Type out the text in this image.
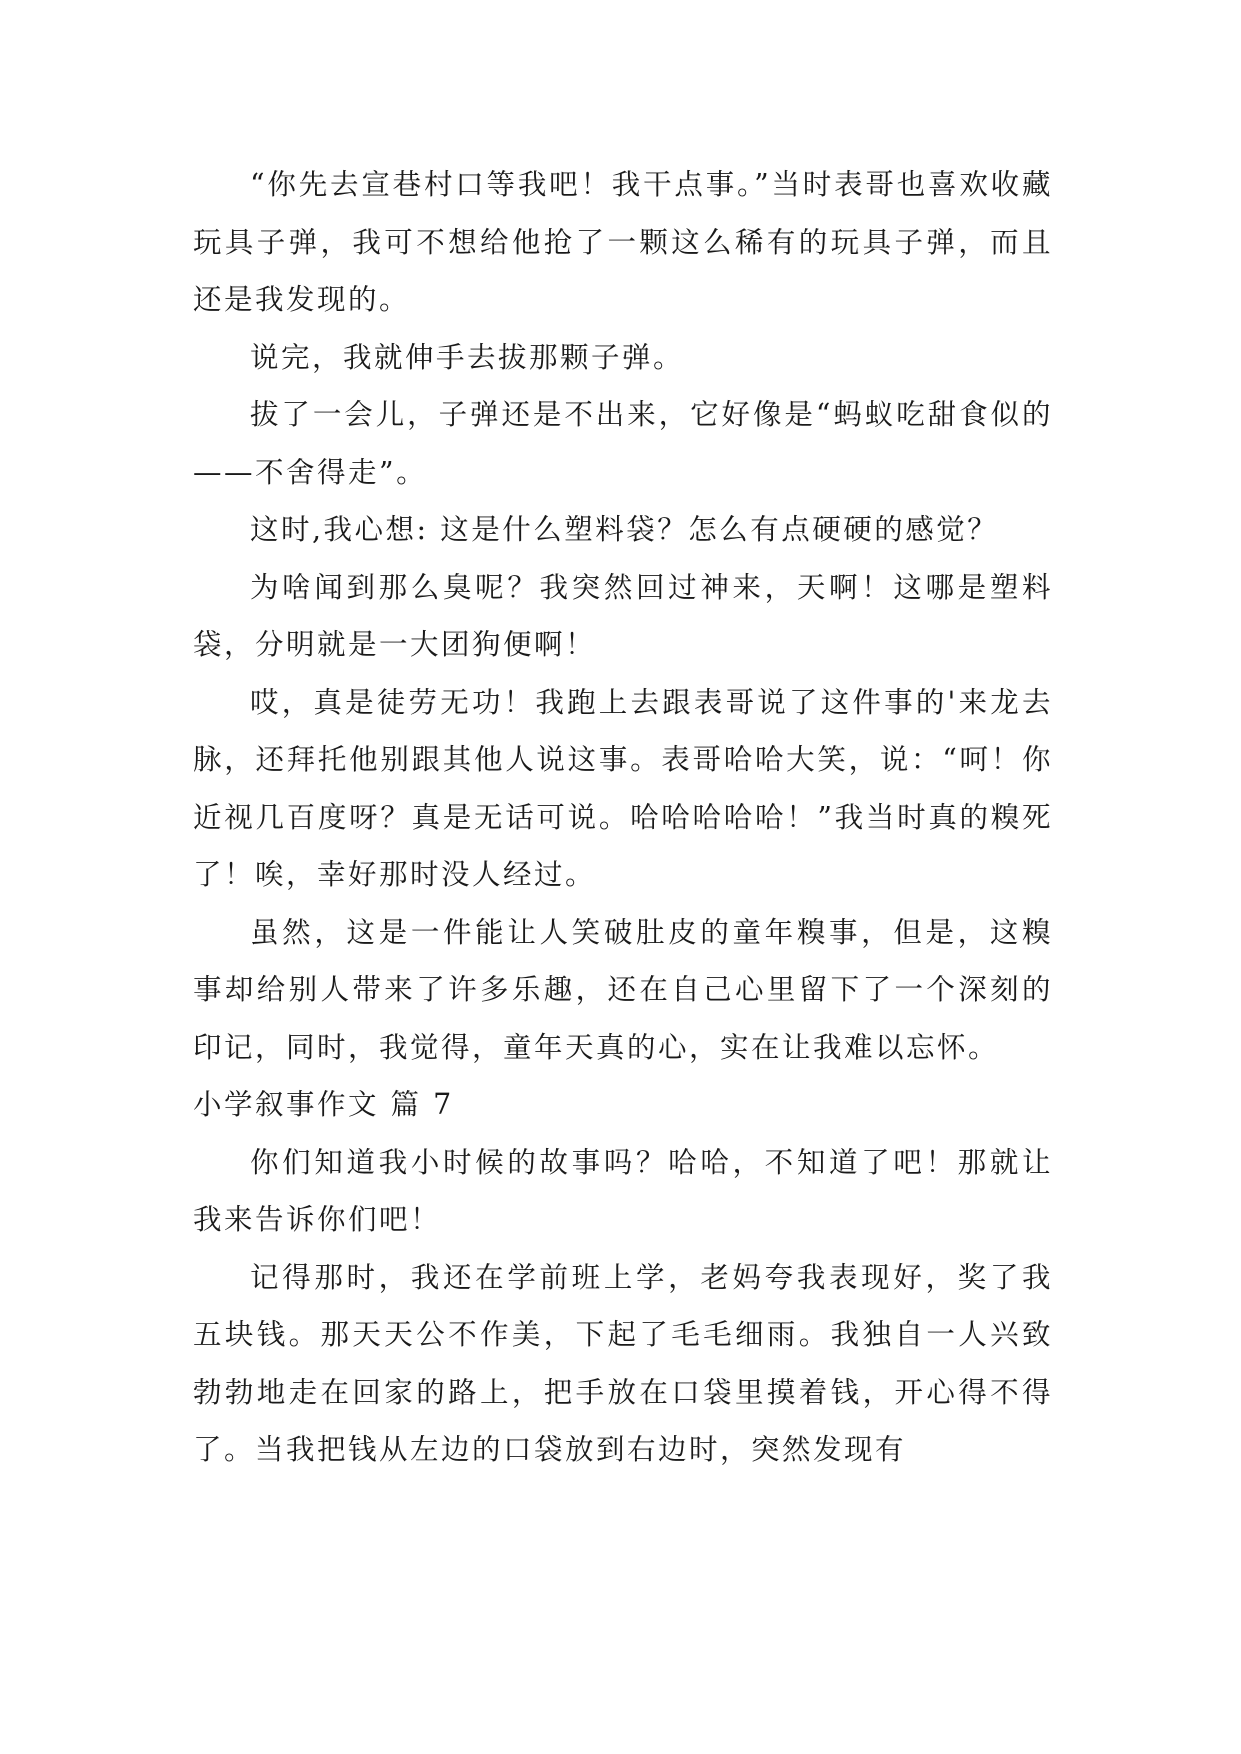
“你先去宣巷村口等我吧！我干点事。”当时表哥也喜欢收藏玩具子弹，我可不想给他抢了一颗这么稀有的玩具子弹，而且还是我发现的。

说完，我就伸手去拔那颗子弹。

拔了一会儿，子弹还是不出来，它好像是“蚂蚁吃甜食似的——不舍得走”。

这时,我心想: 这是什么塑料袋？怎么有点硬硬的感觉？

为啥闻到那么臭呢？我突然回过神来，天啊！这哪是塑料袋，分明就是一大团狗便啊！

哎，真是徒劳无功！我跑上去跟表哥说了这件事的'来龙去脉，还拜托他别跟其他人说这事。表哥哈哈大笑，说：“呵！你近视几百度呀？真是无话可说。哈哈哈哈哈！”我当时真的糗死了！唉，幸好那时没人经过。

虽然，这是一件能让人笑破肚皮的童年糗事，但是，这糗事却给别人带来了许多乐趣，还在自己心里留下了一个深刻的印记，同时，我觉得，童年天真的心，实在让我难以忘怀。

小学叙事作文 篇 7

你们知道我小时候的故事吗？哈哈，不知道了吧！那就让我来告诉你们吧！

记得那时，我还在学前班上学，老妈夸我表现好，奖了我五块钱。那天天公不作美，下起了毛毛细雨。我独自一人兴致勃勃地走在回家的路上，把手放在口袋里摸着钱，开心得不得了。当我把钱从左边的口袋放到右边时，突然发现有
